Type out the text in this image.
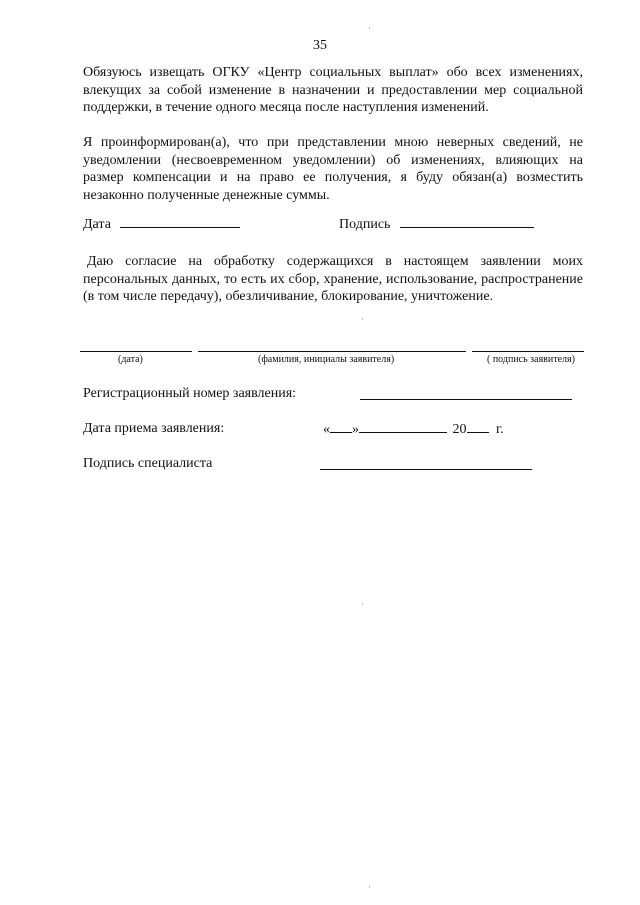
35

Обязуюсь извещать ОГКУ «Центр социальных выплат» обо всех изменениях, влекущих за собой изменение в назначении и предоставлении мер социальной поддержки, в течение одного месяца после наступления изменений.

Я проинформирован(а), что при представлении мною неверных сведений, не уведомлении (несвоевременном уведомлении) об изменениях, влияющих на размер компенсации и на право ее получения, я буду обязан(а) возместить незаконно полученные денежные суммы.

Дата	Подпись

Даю согласие на обработку содержащихся в настоящем заявлении моих персональных данных, то есть их сбор, хранение, использование, распространение (в том числе передачу), обезличивание, блокирование, уничтожение.

(дата)	(фамилия, инициалы заявителя)	( подпись заявителя)
Регистрационный номер заявления:
Дата приема заявления:	« »	20 г.
Подпись специалиста
